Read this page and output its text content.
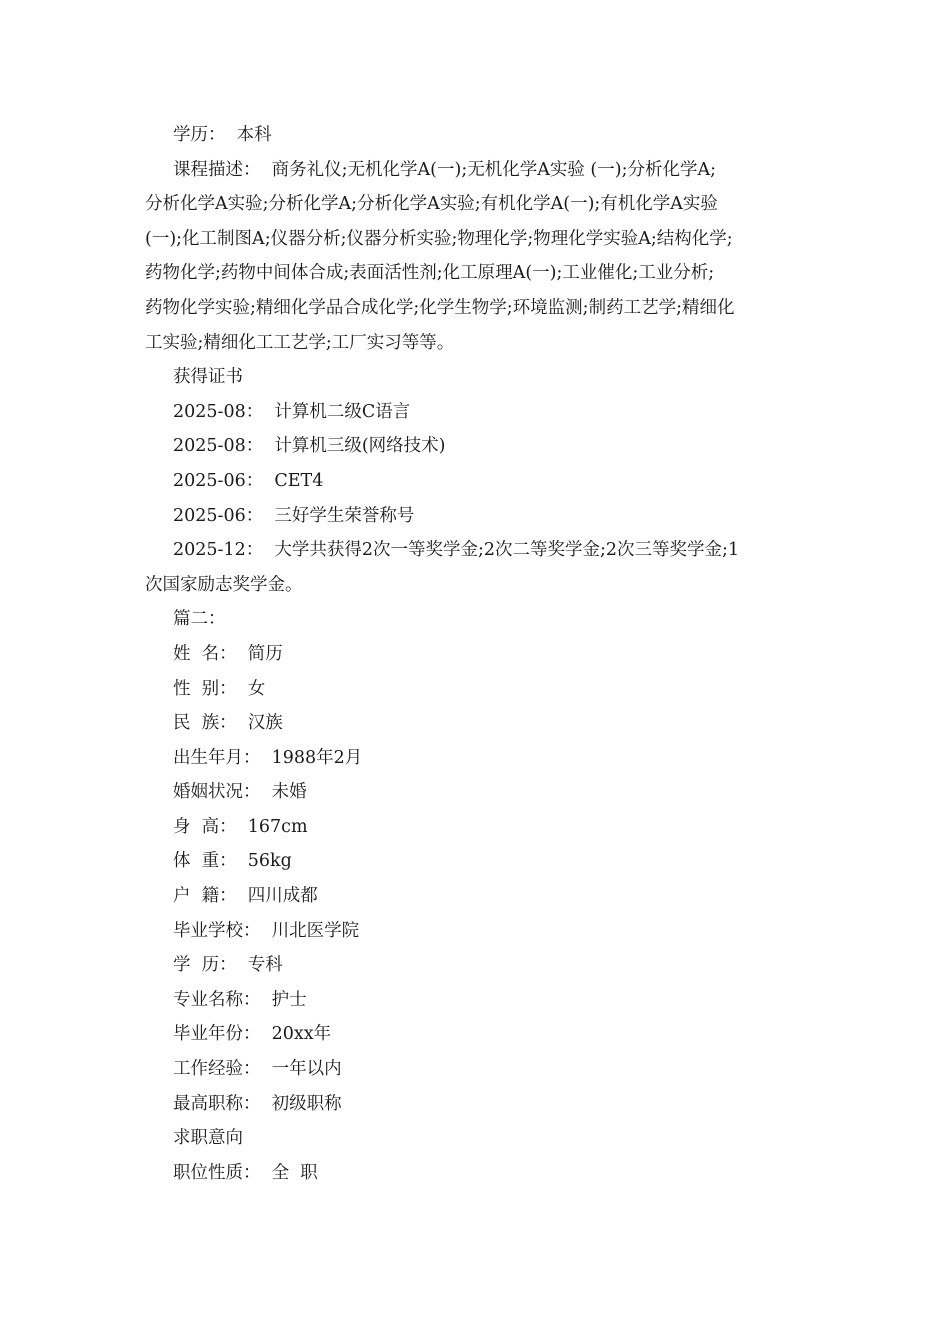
学历： 本科
课程描述： 商务礼仪;无机化学A(一);无机化学A实验 (一);分析化学A;
分析化学A实验;分析化学A;分析化学A实验;有机化学A(一);有机化学A实验
(一);化工制图A;仪器分析;仪器分析实验;物理化学;物理化学实验A;结构化学;
药物化学;药物中间体合成;表面活性剂;化工原理A(一);工业催化;工业分析;
药物化学实验;精细化学品合成化学;化学生物学;环境监测;制药工艺学;精细化
工实验;精细化工工艺学;工厂实习等等。
获得证书
2025-08： 计算机二级C语言
2025-08： 计算机三级(网络技术)
2025-06： CET4
2025-06： 三好学生荣誉称号
2025-12： 大学共获得2次一等奖学金;2次二等奖学金;2次三等奖学金;1
次国家励志奖学金。
篇二：
姓  名： 简历
性  别： 女
民  族： 汉族
出生年月： 1988年2月
婚姻状况： 未婚
身  高： 167cm
体  重： 56kg
户  籍： 四川成都
毕业学校： 川北医学院
学  历： 专科
专业名称： 护士
毕业年份： 20xx年
工作经验： 一年以内
最高职称： 初级职称
求职意向
职位性质： 全  职
